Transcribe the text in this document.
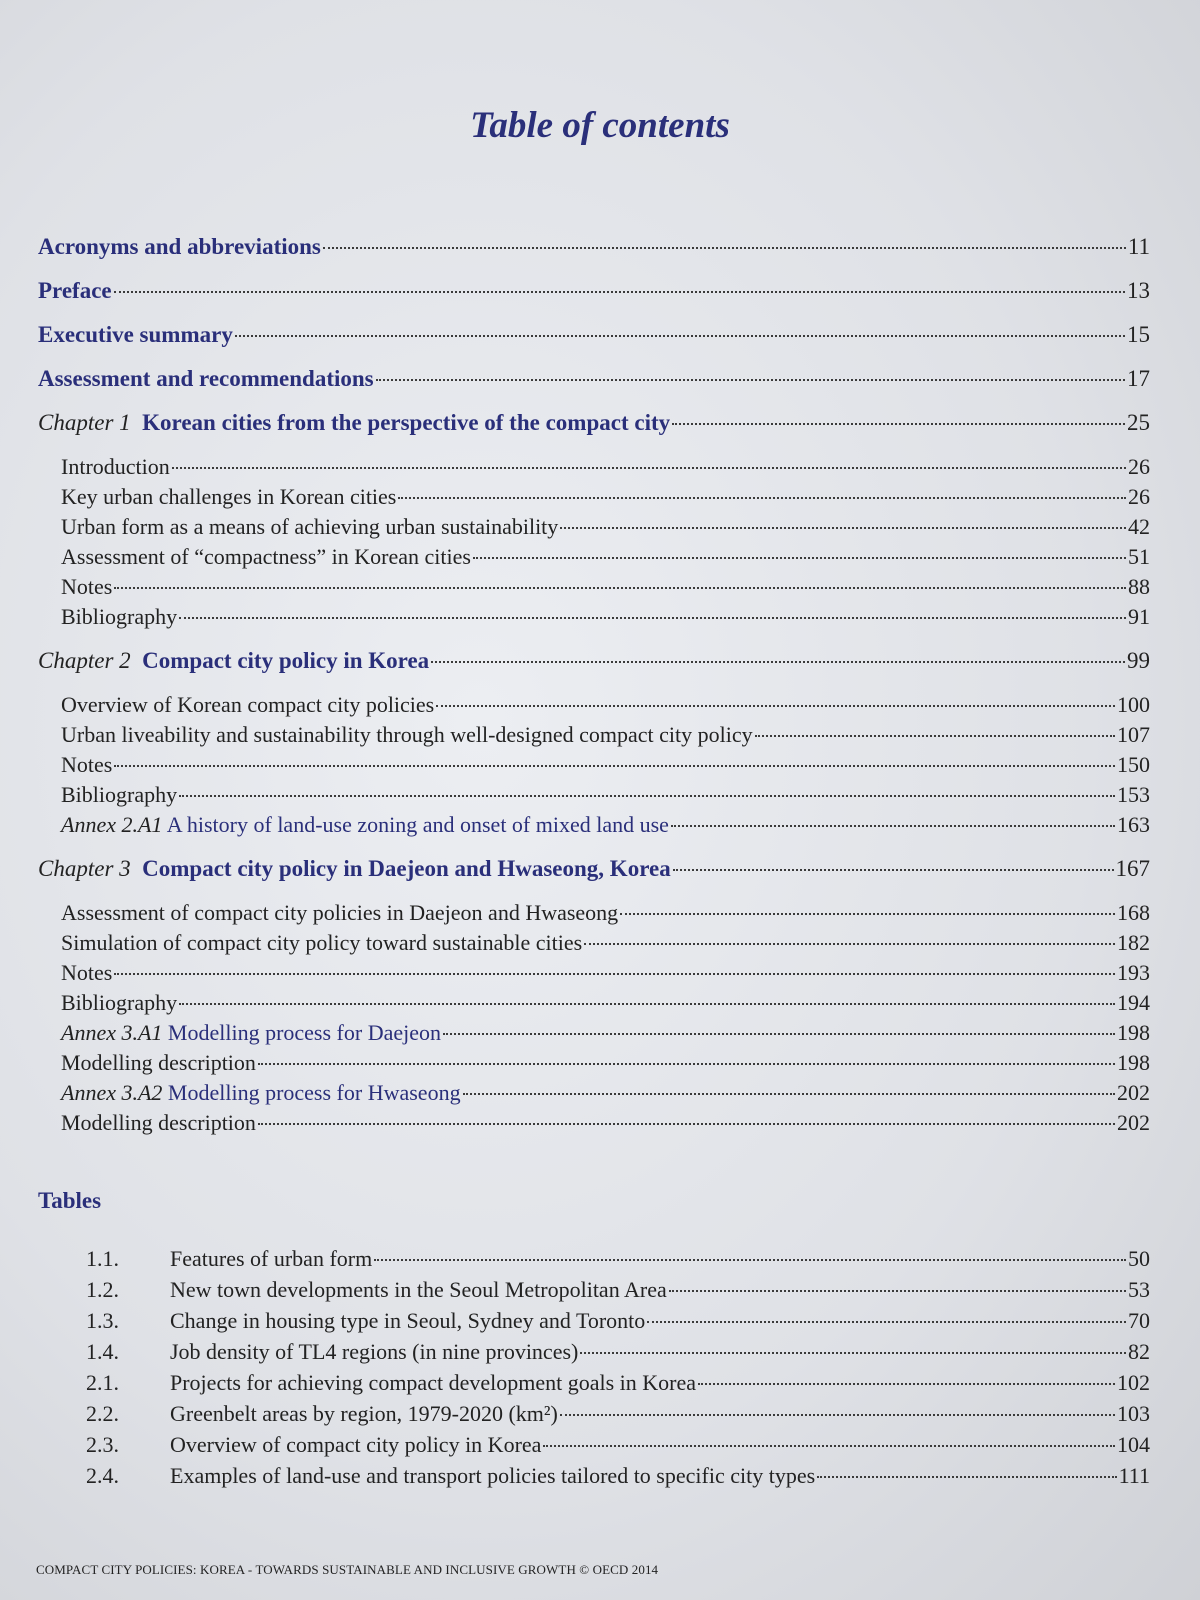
Table of contents
Acronyms and abbreviations	11
Preface	13
Executive summary	15
Assessment and recommendations	17
Chapter 1 Korean cities from the perspective of the compact city	25
Introduction	26
Key urban challenges in Korean cities	26
Urban form as a means of achieving urban sustainability	42
Assessment of “compactness” in Korean cities	51
Notes	88
Bibliography	91
Chapter 2 Compact city policy in Korea	99
Overview of Korean compact city policies	100
Urban liveability and sustainability through well-designed compact city policy	107
Notes	150
Bibliography	153
Annex 2.A1 A history of land-use zoning and onset of mixed land use	163
Chapter 3 Compact city policy in Daejeon and Hwaseong, Korea	167
Assessment of compact city policies in Daejeon and Hwaseong	168
Simulation of compact city policy toward sustainable cities	182
Notes	193
Bibliography	194
Annex 3.A1 Modelling process for Daejeon	198
Modelling description	198
Annex 3.A2 Modelling process for Hwaseong	202
Modelling description	202
Tables
1.1.	Features of urban form	50
1.2.	New town developments in the Seoul Metropolitan Area	53
1.3.	Change in housing type in Seoul, Sydney and Toronto	70
1.4.	Job density of TL4 regions (in nine provinces)	82
2.1.	Projects for achieving compact development goals in Korea	102
2.2.	Greenbelt areas by region, 1979-2020 (km²)	103
2.3.	Overview of compact city policy in Korea	104
2.4.	Examples of land-use and transport policies tailored to specific city types	111
COMPACT CITY POLICIES: KOREA - TOWARDS SUSTAINABLE AND INCLUSIVE GROWTH © OECD 2014
